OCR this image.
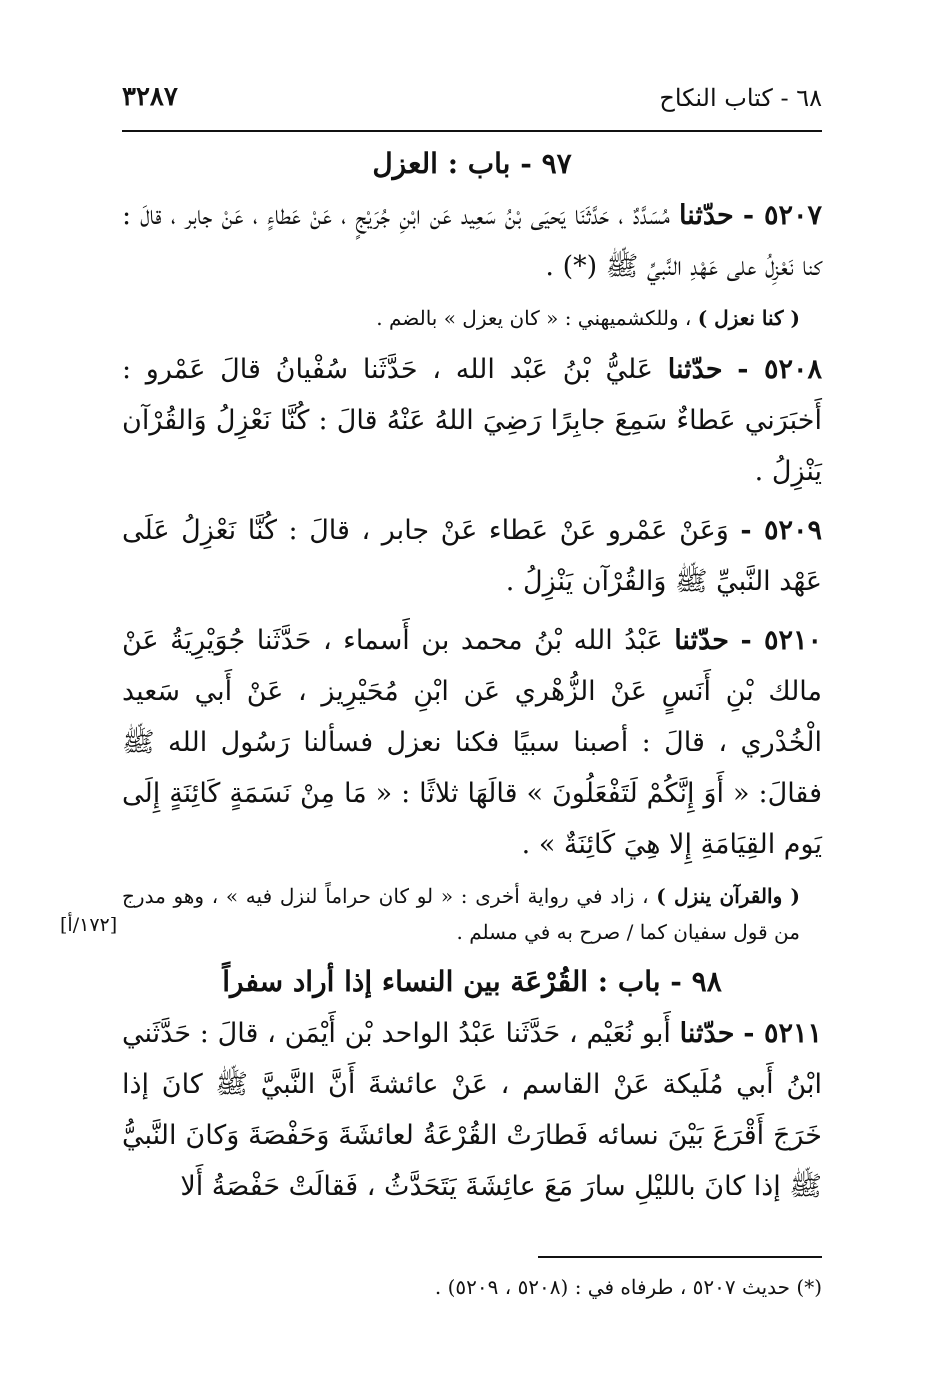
٦٨ - كتاب النكاح
٣٢٨٧
٩٧ - باب : العزل

٥٢٠٧ - حدّثنا مُسَدَّدٌ ، حَدَّثَنَا يَحيَى بْنُ سَعِيد عَن ابْنِ جُرَيْجٍ ، عَنْ عَطاءٍ ، عَنْ جابر ، قالَ : كنا نَعْزِلُ على عَهْدِ النَّبيِّ ﷺ (*) .

( كنا نعزل ) ، وللكشميهني : « كان يعزل » بالضم .

٥٢٠٨ - حدّثنا عَليُّ بْنُ عَبْد الله ، حَدَّثَنا سُفْيانُ قالَ عَمْرو : أَخبَرَني عَطاءٌ سَمِعَ جابِرًا رَضِيَ اللهُ عَنْهُ قالَ : كُنَّا نَعْزِلُ وَالقُرْآن يَنْزِلُ .

٥٢٠٩ - وَعَنْ عَمْرو عَنْ عَطاء عَنْ جابر ، قالَ : كُنَّا نَعْزِلُ عَلَى عَهْد النَّبيِّ ﷺ وَالقُرْآن يَنْزِلُ .

٥٢١٠ - حدّثنا عَبْدُ الله بْنُ محمد بن أَسماء ، حَدَّثَنا جُوَيْرِيَةُ عَنْ مالك بْنِ أَنَسٍ عَنْ الزُّهْري عَن ابْنِ مُحَيْرِيز ، عَنْ أَبي سَعيد الْخُدْري ، قالَ : أصبنا سبيًا فكنا نعزل فسألنا رَسُول الله ﷺ فقالَ: « أَوَ إِنَّكُمْ لَتَفْعَلُونَ » قالَهَا ثلاثًا : « مَا مِنْ نَسَمَةٍ كَائِنَةٍ إِلَى يَوم القِيَامَةِ إِلا هِيَ كَائِنَةٌ » .

( والقرآن ينزل ) ، زاد في رواية أخرى : « لو كان حراماً لنزل فيه » ، وهو مدرج من قول سفيان كما / صرح به في مسلم .

[١٧٢/أ]
٩٨ - باب : القُرْعَة بين النساء إذا أراد سفراً

٥٢١١ - حدّثنا أَبو نُعَيْم ، حَدَّثَنا عَبْدُ الواحد بْن أَيْمَن ، قالَ : حَدَّثَني ابْنُ أَبي مُلَيكة عَنْ القاسم ، عَنْ عائشةَ أَنَّ النَّبيَّ ﷺ كانَ إذا خَرَجَ أَقْرَعَ بَيْنَ نسائه فَطارَتْ القُرْعَةُ لعائشَةَ وَحَفْصَةَ وَكانَ النَّبيُّ ﷺ إذا كانَ بالليْلِ سارَ مَعَ عائِشَةَ يَتَحَدَّثُ ، فَقالَتْ حَفْصَةُ أَلا

(*) حديث ٥٢٠٧ ، طرفاه في : (٥٢٠٨ ، ٥٢٠٩) .
